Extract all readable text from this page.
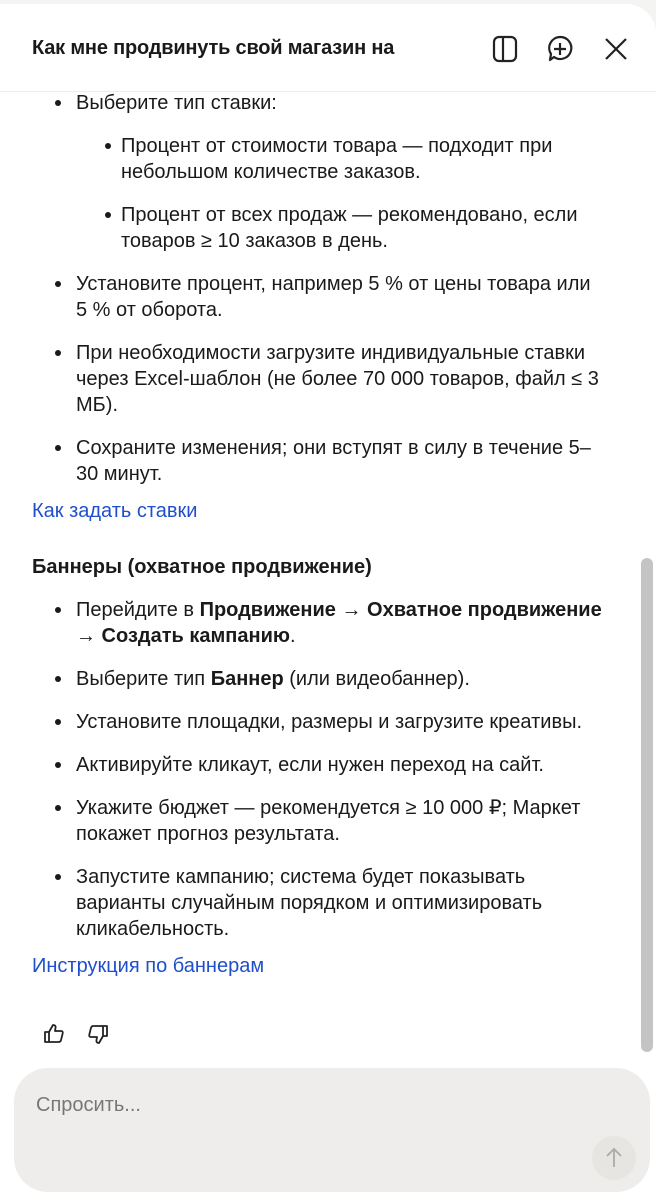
Как мне продвинуть свой магазин на
Выберите тип ставки:
Процент от стоимости товара — подходит при небольшом количестве заказов.
Процент от всех продаж — рекомендовано, если товаров ≥ 10 заказов в день.
Установите процент, например 5 % от цены товара или 5 % от оборота.
При необходимости загрузите индивидуальные ставки через Excel‑шаблон (не более 70 000 товаров, файл ≤ 3 МБ).
Сохраните изменения; они вступят в силу в течение 5–30 минут.
Как задать ставки
Баннеры (охватное продвижение)
Перейдите в Продвижение → Охватное продвижение → Создать кампанию.
Выберите тип Баннер (или видеобаннер).
Установите площадки, размеры и загрузите креативы.
Активируйте кликаут, если нужен переход на сайт.
Укажите бюджет — рекомендуется ≥ 10 000 ₽; Маркет покажет прогноз результата.
Запустите кампанию; система будет показывать варианты случайным порядком и оптимизировать кликабельность.
Инструкция по баннерам
Спросить...
